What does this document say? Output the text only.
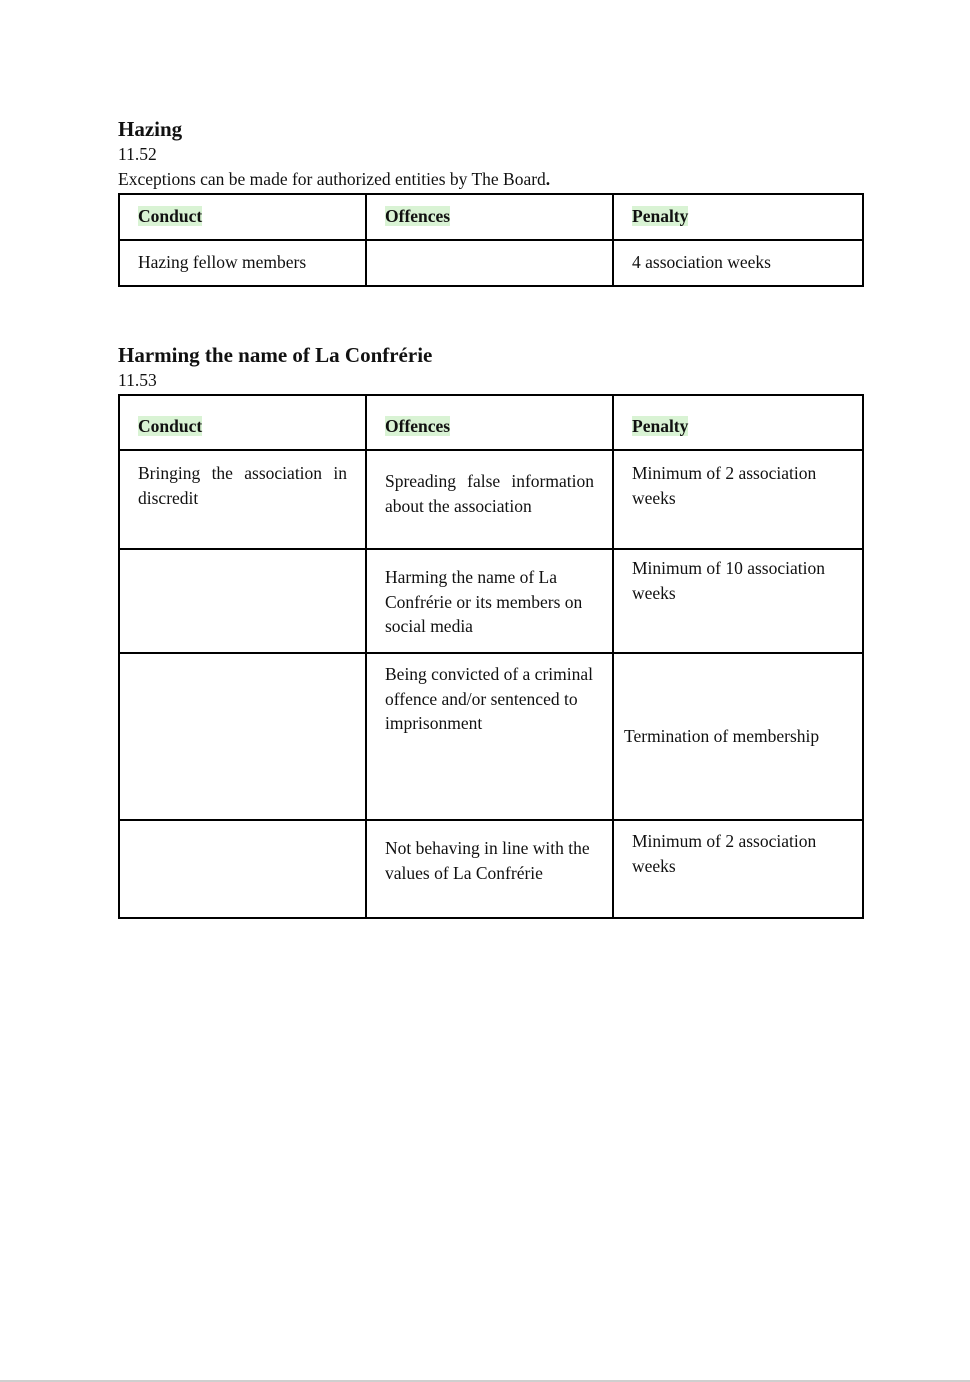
Hazing
11.52
Exceptions can be made for authorized entities by The Board.
Conduct	Offences	Penalty
Hazing fellow members		4 association weeks
Harming the name of La Confrérie
11.53
Conduct	Offences	Penalty
Bringing the association in discredit	Spreading false information about the association	Minimum of 2 association weeks
	Harming the name of La Confrérie or its members on social media	Minimum of 10 association weeks
	Being convicted of a criminal offence and/or sentenced to imprisonment	Termination of membership
	Not behaving in line with the values of La Confrérie	Minimum of 2 association weeks
